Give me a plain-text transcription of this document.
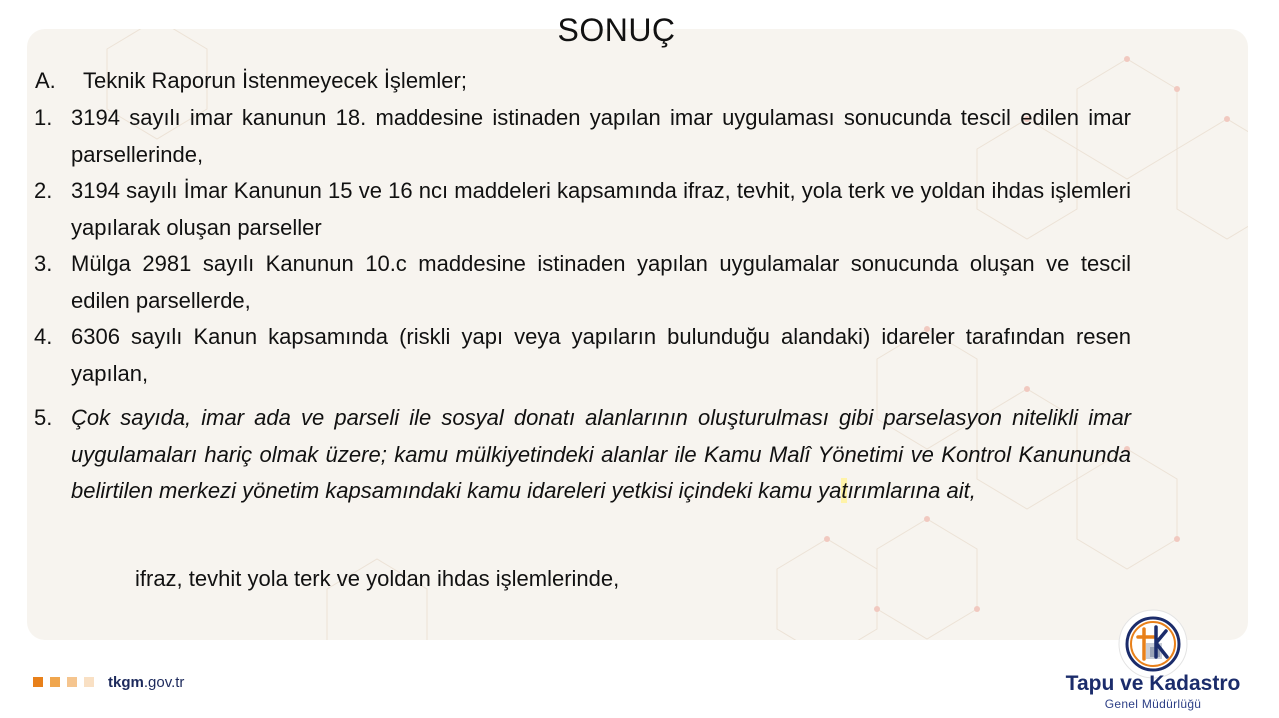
SONUÇ
A. Teknik Raporun İstenmeyecek İşlemler;
1. 3194 sayılı imar kanunun 18. maddesine istinaden yapılan imar uygulaması sonucunda tescil edilen imar parsellerinde,
2. 3194 sayılı İmar Kanunun 15 ve 16 ncı maddeleri kapsamında ifraz, tevhit, yola terk ve yoldan ihdas işlemleri yapılarak oluşan parseller
3. Mülga 2981 sayılı Kanunun 10.c maddesine istinaden yapılan uygulamalar sonucunda oluşan ve tescil edilen parsellerde,
4. 6306 sayılı Kanun kapsamında (riskli yapı veya yapıların bulunduğu alandaki) idareler tarafından resen yapılan,
5. Çok sayıda, imar ada ve parseli ile sosyal donatı alanlarının oluşturulması gibi parselasyon nitelikli imar uygulamaları hariç olmak üzere; kamu mülkiyetindeki alanlar ile Kamu Malî Yönetimi ve Kontrol Kanununda belirtilen merkezi yönetim kapsamındaki kamu idareleri yetkisi içindeki kamu yatırımlarına ait,
ifraz, tevhit yola terk ve yoldan ihdas işlemlerinde,
tkgm.gov.tr	Tapu ve Kadastro
Genel Müdürlüğü
